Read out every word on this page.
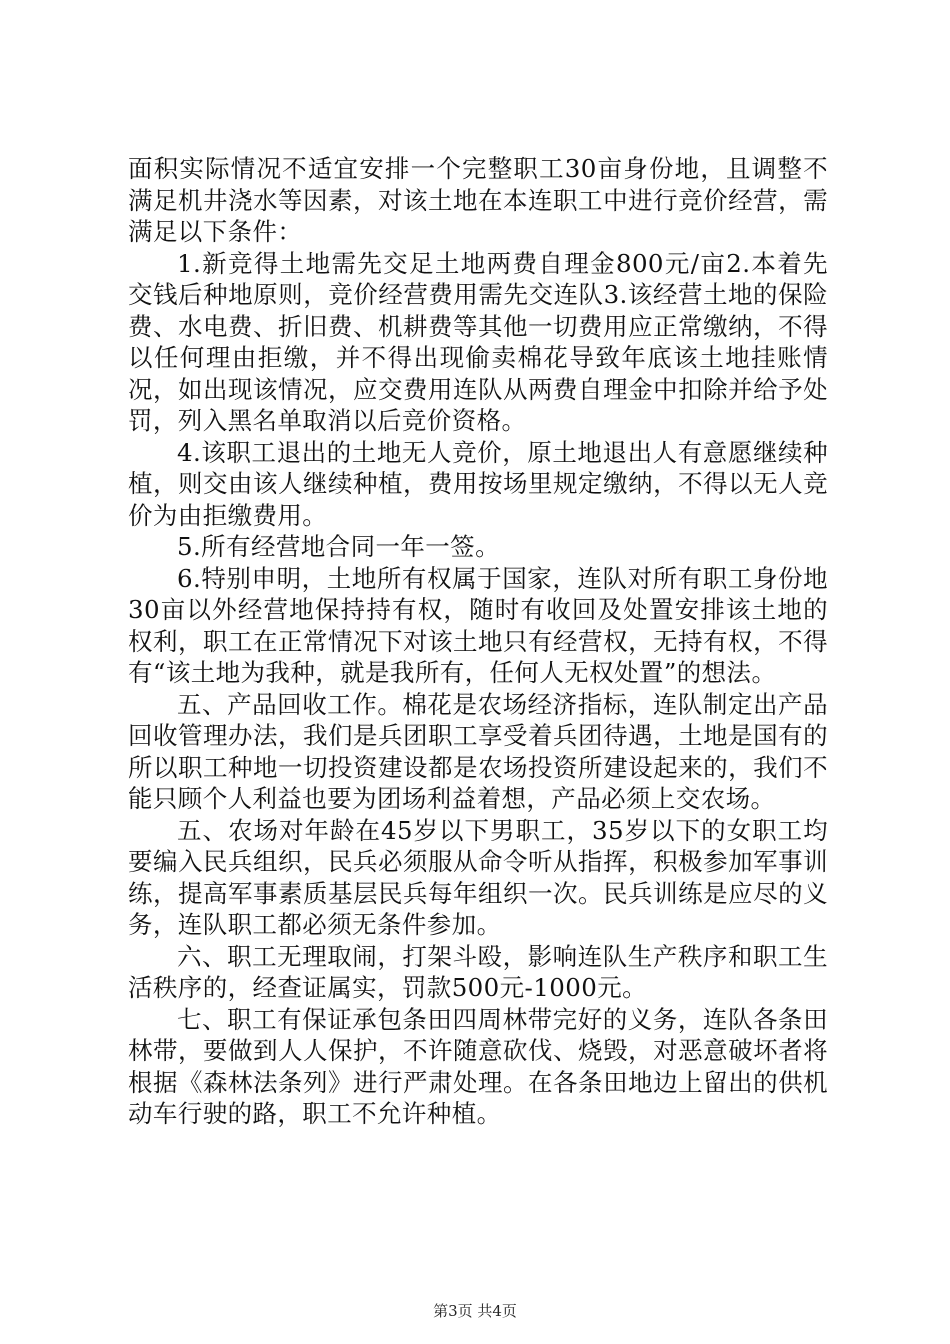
面积实际情况不适宜安排一个完整职工30亩身份地，且调整不满足机井浇水等因素，对该土地在本连职工中进行竞价经营，需满足以下条件：

1.新竞得土地需先交足土地两费自理金800元/亩2.本着先交钱后种地原则，竞价经营费用需先交连队3.该经营土地的保险费、水电费、折旧费、机耕费等其他一切费用应正常缴纳，不得以任何理由拒缴，并不得出现偷卖棉花导致年底该土地挂账情况，如出现该情况，应交费用连队从两费自理金中扣除并给予处罚，列入黑名单取消以后竞价资格。

4.该职工退出的土地无人竞价，原土地退出人有意愿继续种植，则交由该人继续种植，费用按场里规定缴纳，不得以无人竞价为由拒缴费用。

5.所有经营地合同一年一签。

6.特别申明，土地所有权属于国家，连队对所有职工身份地30亩以外经营地保持持有权，随时有收回及处置安排该土地的权利，职工在正常情况下对该土地只有经营权，无持有权，不得有“该土地为我种，就是我所有，任何人无权处置”的想法。

五、产品回收工作。棉花是农场经济指标，连队制定出产品回收管理办法，我们是兵团职工享受着兵团待遇，土地是国有的所以职工种地一切投资建设都是农场投资所建设起来的，我们不能只顾个人利益也要为团场利益着想，产品必须上交农场。

五、农场对年龄在45岁以下男职工，35岁以下的女职工均要编入民兵组织，民兵必须服从命令听从指挥，积极参加军事训练，提高军事素质基层民兵每年组织一次。民兵训练是应尽的义务，连队职工都必须无条件参加。

六、职工无理取闹，打架斗殴，影响连队生产秩序和职工生活秩序的，经查证属实，罚款500元-1000元。

七、职工有保证承包条田四周林带完好的义务，连队各条田林带，要做到人人保护，不许随意砍伐、烧毁，对恶意破坏者将根据《森林法条列》进行严肃处理。在各条田地边上留出的供机动车行驶的路，职工不允许种植。

第3页 共4页
